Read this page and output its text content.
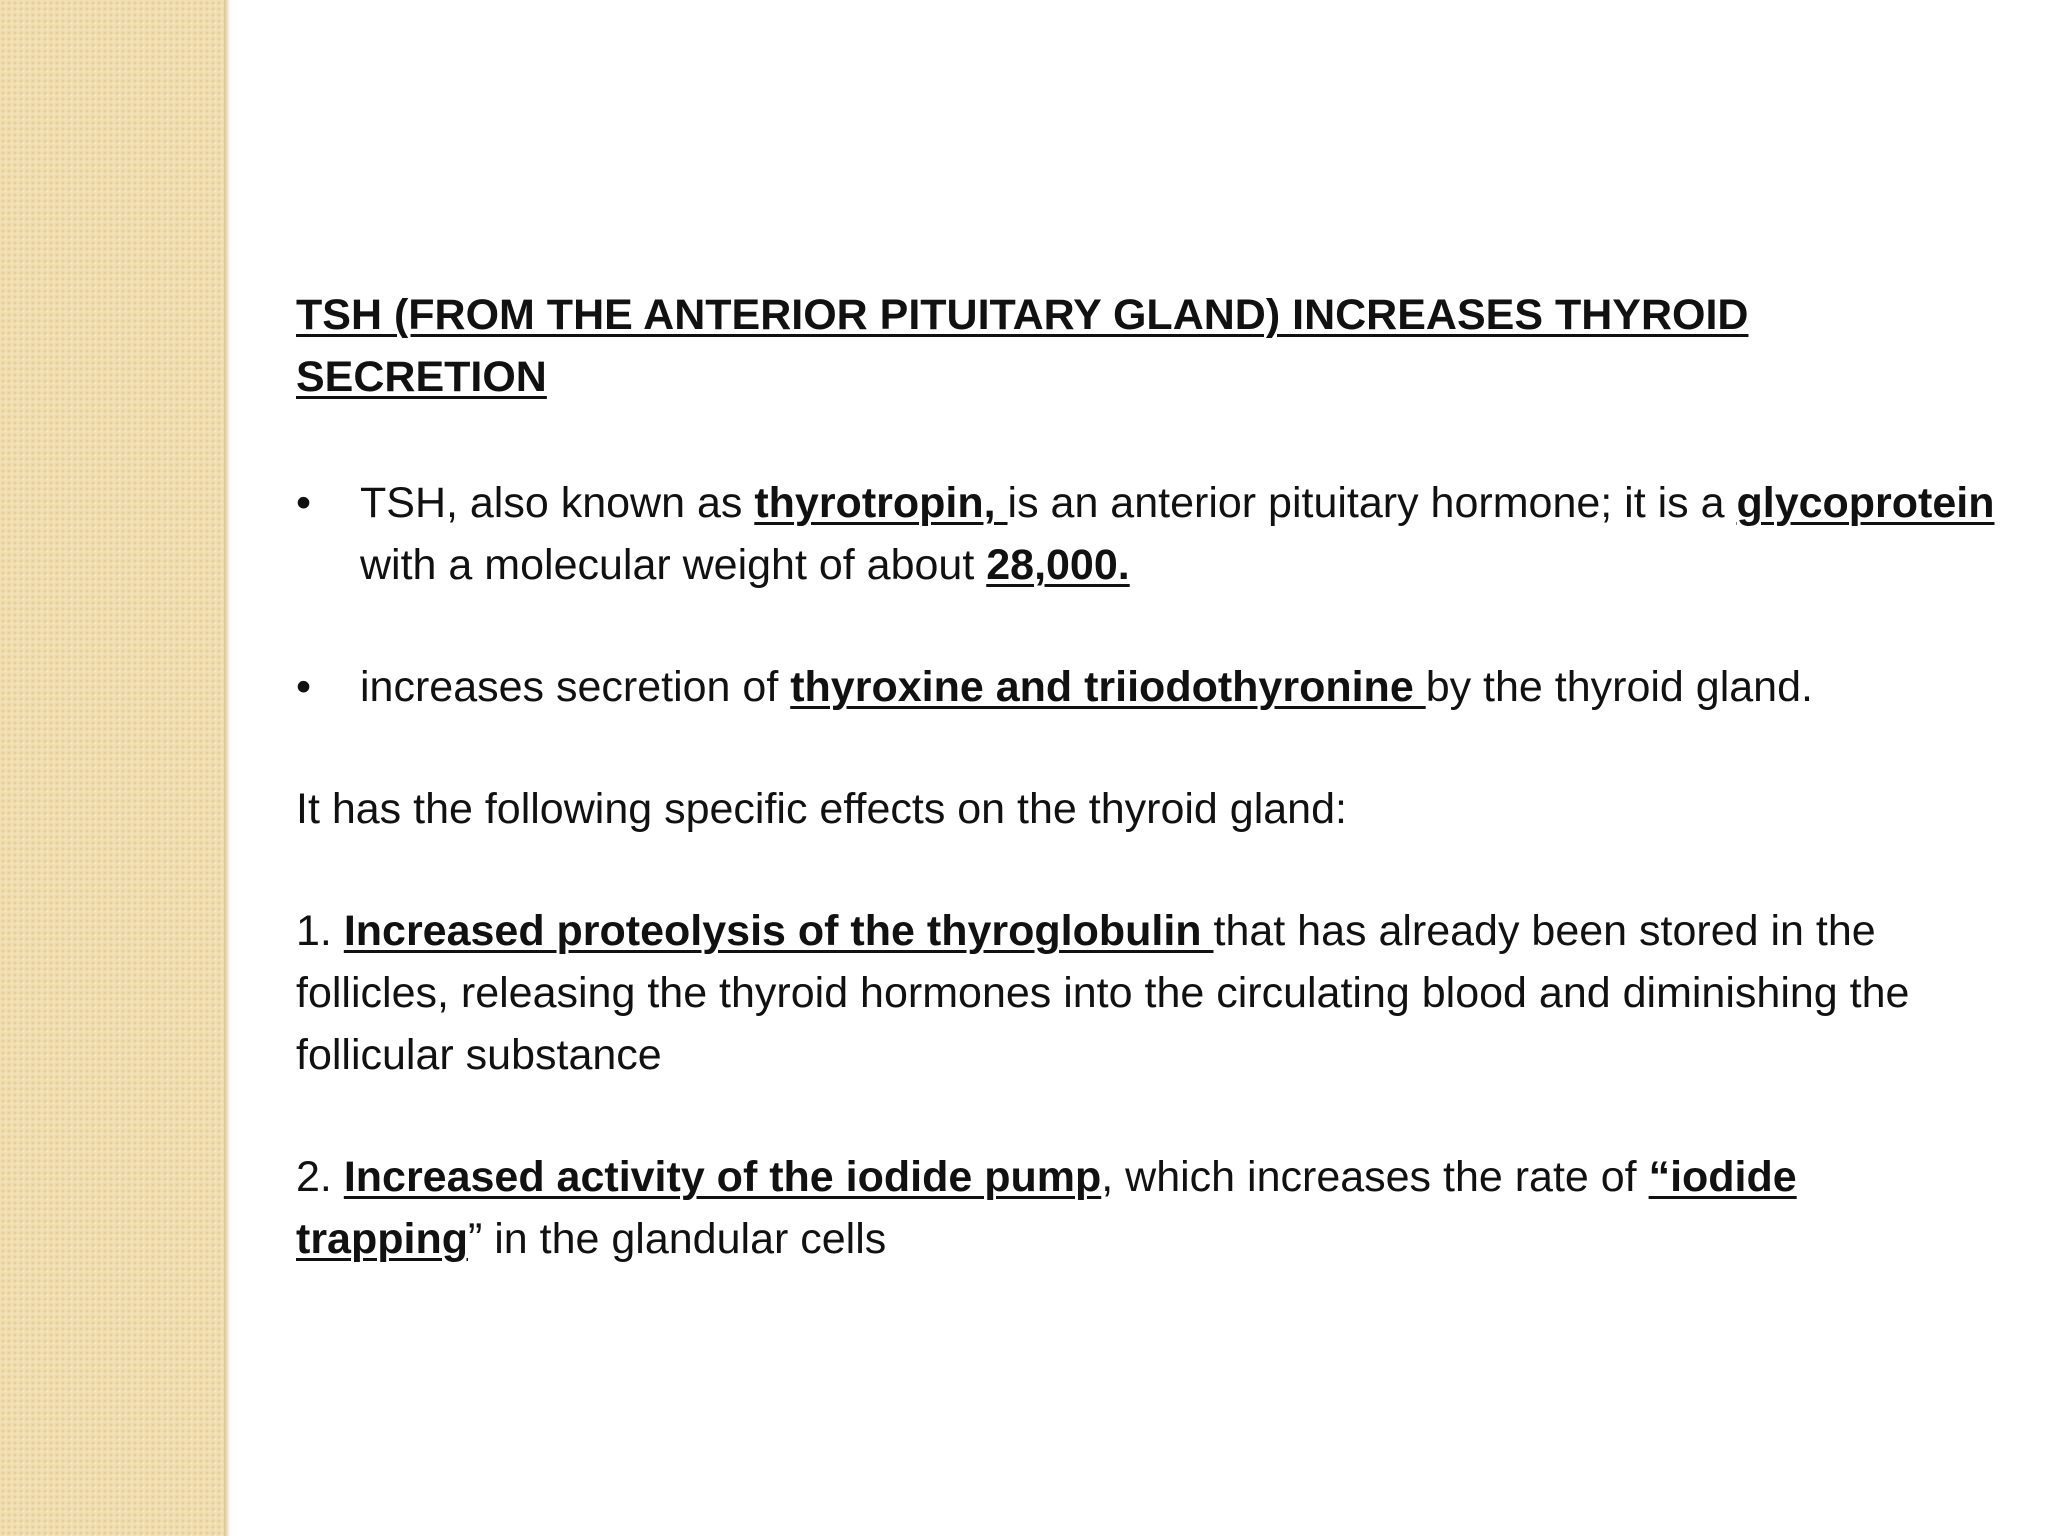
TSH (FROM THE ANTERIOR PITUITARY GLAND) INCREASES THYROID SECRETION
• TSH, also known as thyrotropin, is an anterior pituitary hormone; it is a glycoprotein with a molecular weight of about 28,000.
• increases secretion of thyroxine and triiodothyronine by the thyroid gland.

It has the following specific effects on the thyroid gland:

1. Increased proteolysis of the thyroglobulin that has already been stored in the follicles, releasing the thyroid hormones into the circulating blood and diminishing the follicular substance

2. Increased activity of the iodide pump, which increases the rate of “iodide trapping” in the glandular cells
